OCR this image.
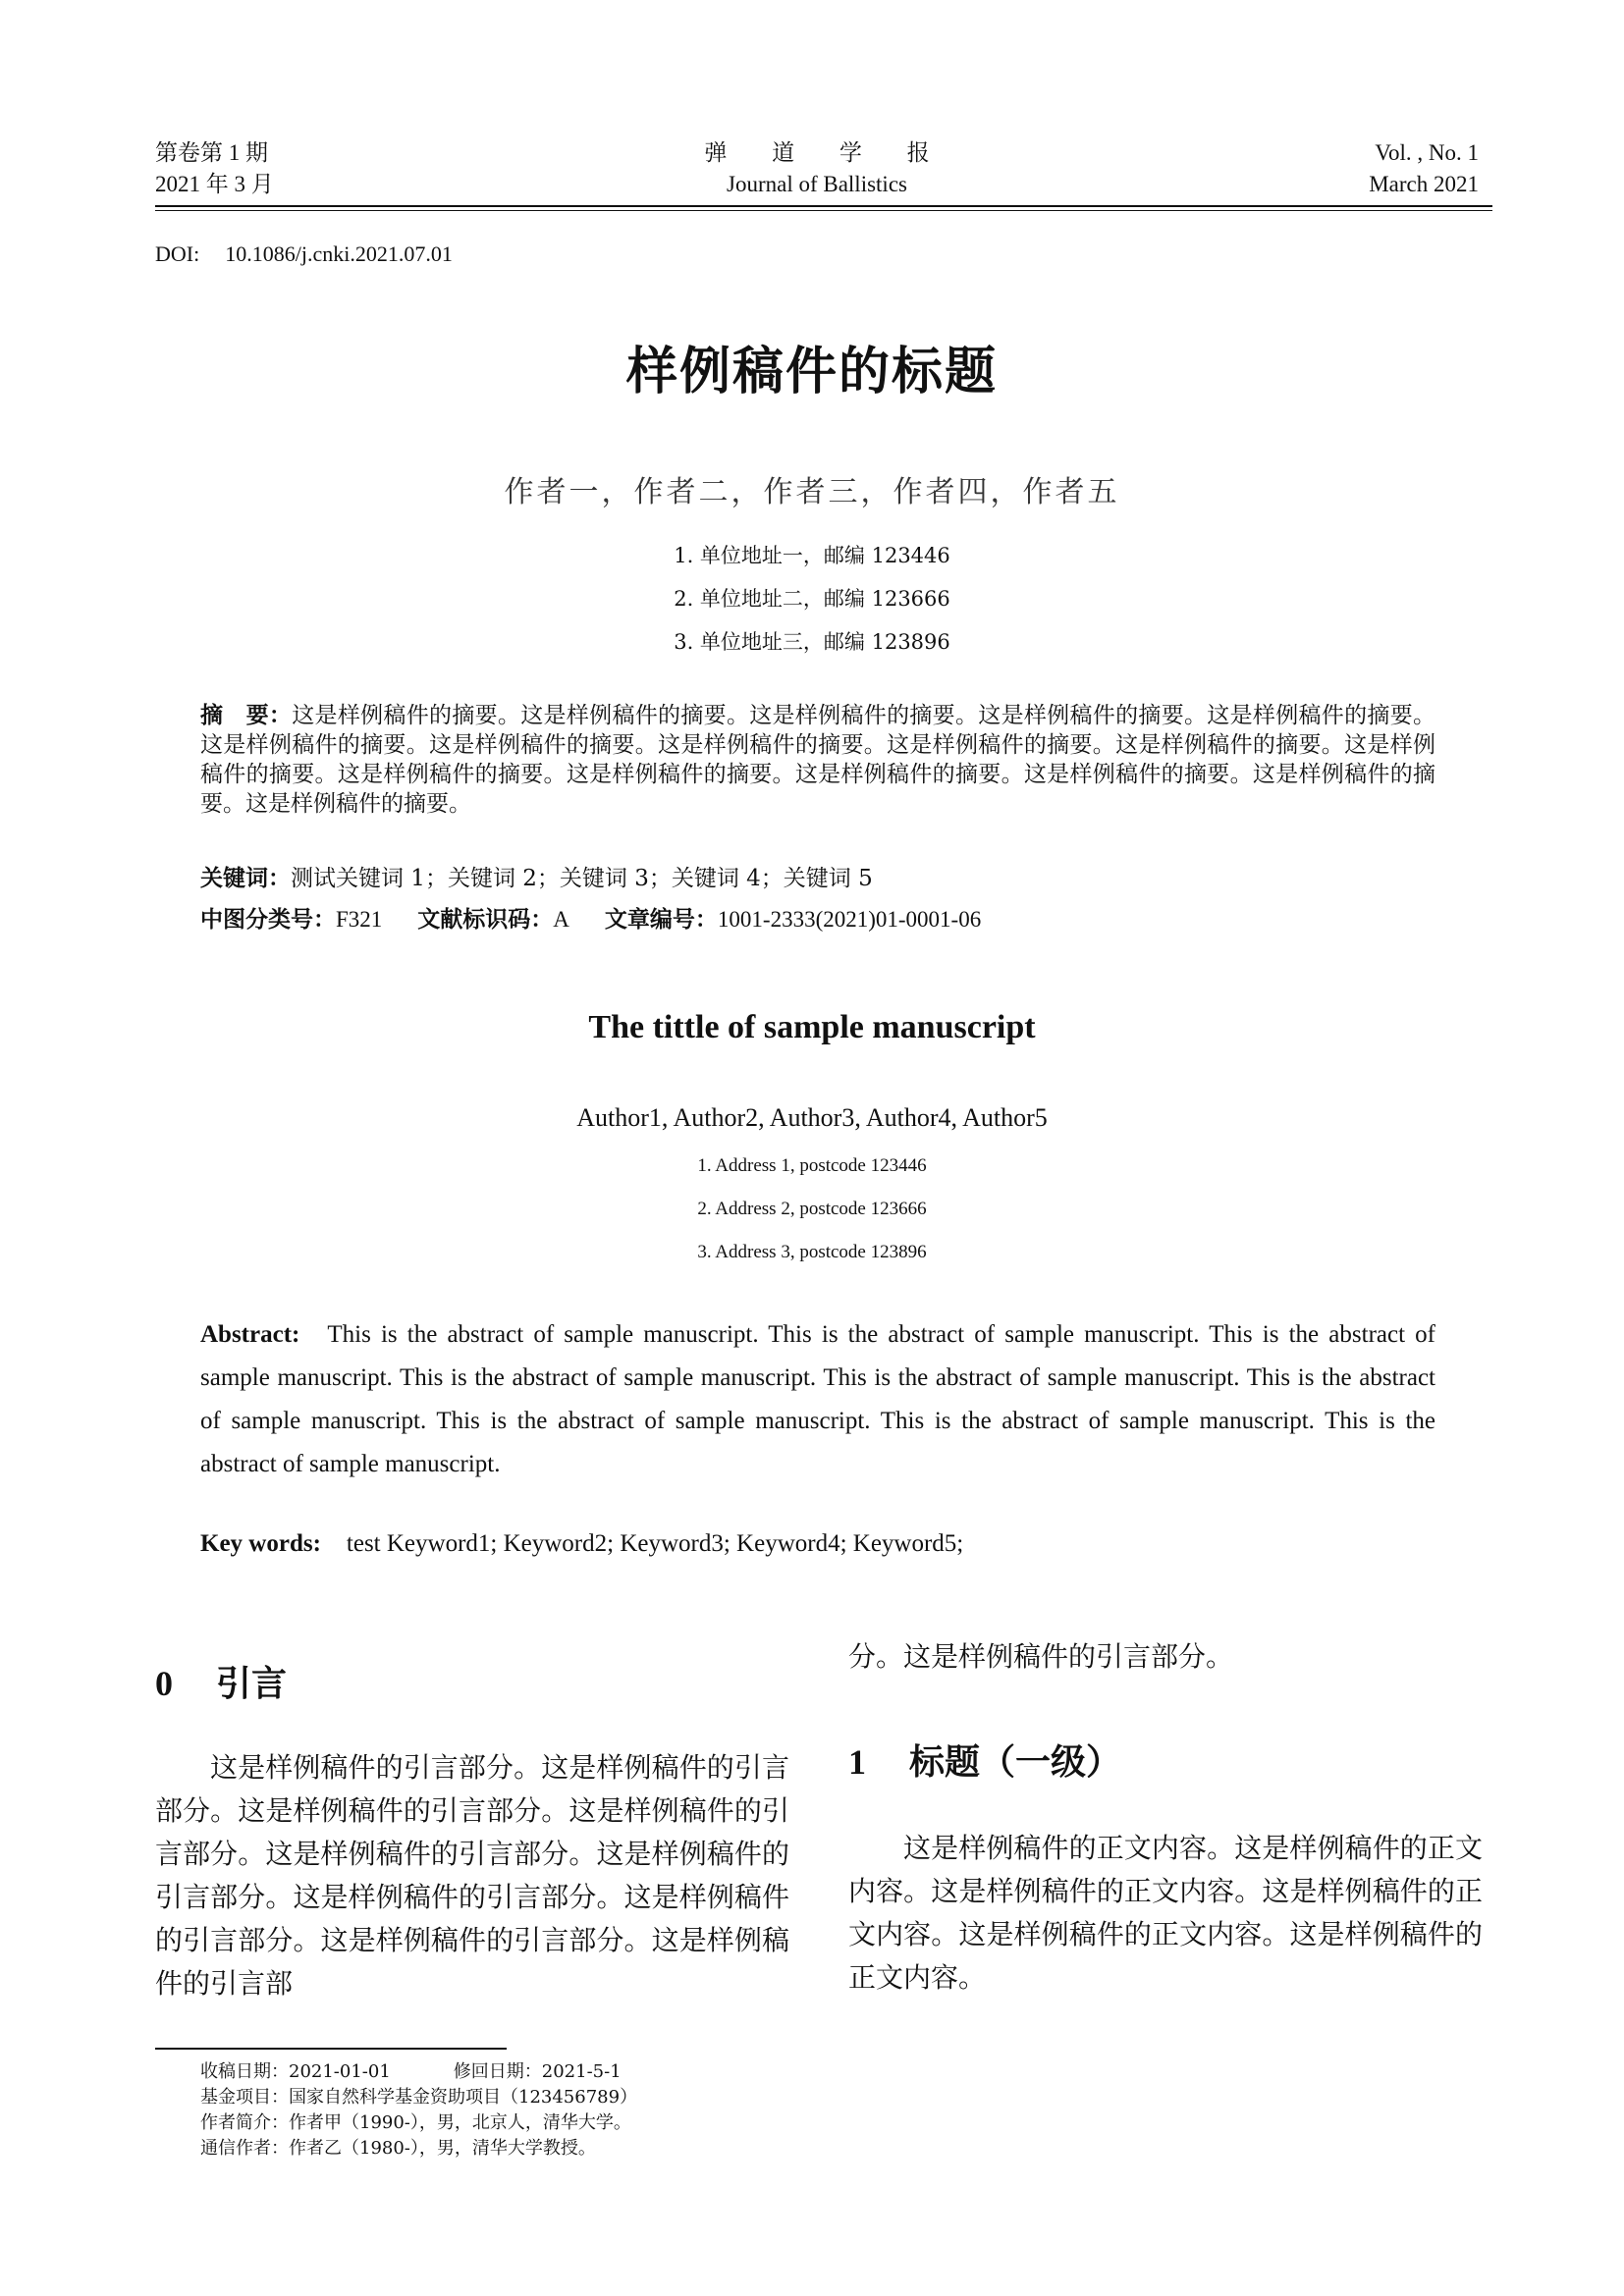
第卷第 1 期
2021 年 3 月
弹 道 学 报
Journal of Ballistics
Vol. , No. 1
March 2021
DOI: 10.1086/j.cnki.2021.07.01
样例稿件的标题
作者一，作者二，作者三，作者四，作者五
1. 单位地址一，邮编 123446
2. 单位地址二，邮编 123666
3. 单位地址三，邮编 123896
摘　要：这是样例稿件的摘要。这是样例稿件的摘要。这是样例稿件的摘要。这是样例稿件的摘要。这是样例稿件的摘要。这是样例稿件的摘要。这是样例稿件的摘要。这是样例稿件的摘要。这是样例稿件的摘要。这是样例稿件的摘要。这是样例稿件的摘要。这是样例稿件的摘要。这是样例稿件的摘要。这是样例稿件的摘要。这是样例稿件的摘要。这是样例稿件的摘要。这是样例稿件的摘要。
关键词：测试关键词 1；关键词 2；关键词 3；关键词 4；关键词 5
中图分类号：F321 文献标识码：A 文章编号：1001-2333(2021)01-0001-06
The tittle of sample manuscript
Author1, Author2, Author3, Author4, Author5
1. Address 1, postcode 123446
2. Address 2, postcode 123666
3. Address 3, postcode 123896
Abstract: This is the abstract of sample manuscript. This is the abstract of sample manuscript. This is the abstract of sample manuscript. This is the abstract of sample manuscript. This is the abstract of sample manuscript. This is the abstract of sample manuscript. This is the abstract of sample manuscript. This is the abstract of sample manuscript. This is the abstract of sample manuscript.
Key words: test Keyword1; Keyword2; Keyword3; Keyword4; Keyword5;
0 引言

这是样例稿件的引言部分。这是样例稿件的引言部分。这是样例稿件的引言部分。这是样例稿件的引言部分。这是样例稿件的引言部分。这是样例稿件的引言部分。这是样例稿件的引言部分。这是样例稿件的引言部分。这是样例稿件的引言部分。这是样例稿件的引言部

分。这是样例稿件的引言部分。

1 标题（一级）

这是样例稿件的正文内容。这是样例稿件的正文内容。这是样例稿件的正文内容。这是样例稿件的正文内容。这是样例稿件的正文内容。这是样例稿件的正文内容。

收稿日期：2021-01-01	修回日期：2021-5-1
基金项目：国家自然科学基金资助项目（123456789）
作者简介：作者甲（1990-），男，北京人，清华大学。
通信作者：作者乙（1980-），男，清华大学教授。
